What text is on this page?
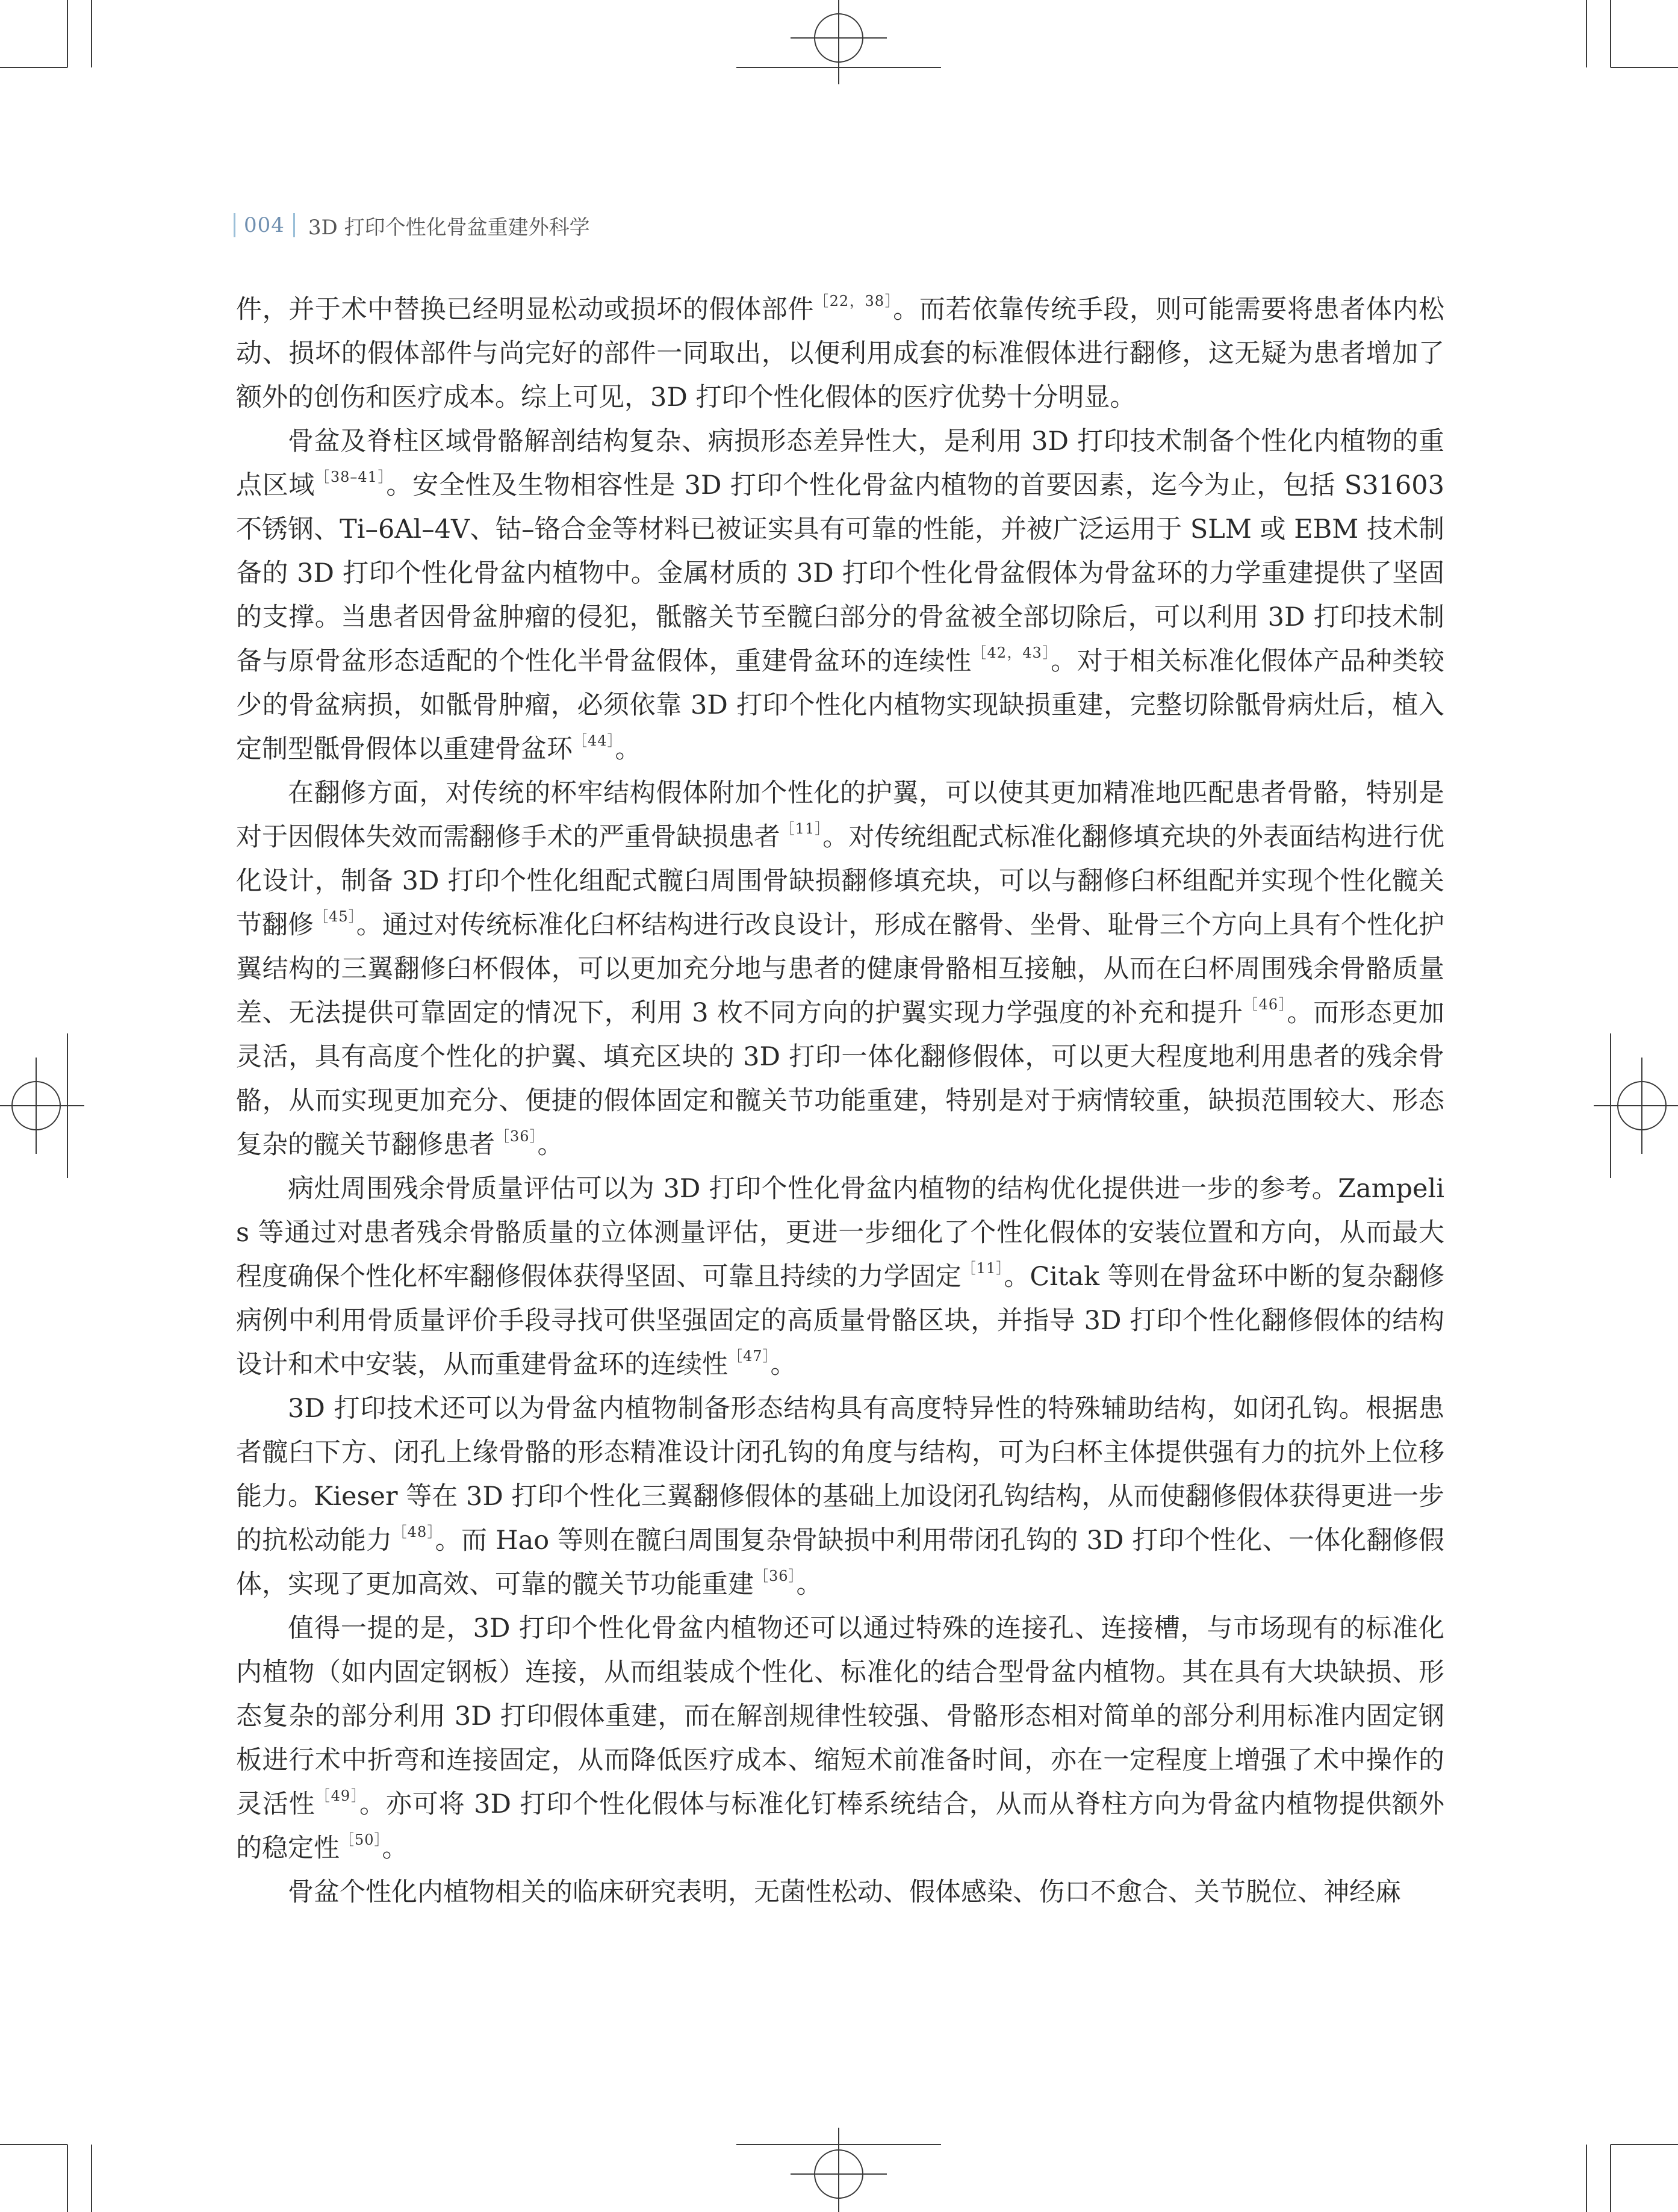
004	3D 打印个性化骨盆重建外科学

件，并于术中替换已经明显松动或损坏的假体部件$^{[22,38]}$。而若依靠传统手段，则可能需要将患者体内松动、损坏的假体部件与尚完好的部件一同取出，以便利用成套的标准假体进行翻修，这无疑为患者增加了额外的创伤和医疗成本。综上可见，3D 打印个性化假体的医疗优势十分明显。

骨盆及脊柱区域骨骼解剖结构复杂、病损形态差异性大，是利用 3D 打印技术制备个性化内植物的重点区域$^{[38-41]}$。安全性及生物相容性是 3D 打印个性化骨盆内植物的首要因素，迄今为止，包括 S31603 不锈钢、Ti–6Al–4V、钴–铬合金等材料已被证实具有可靠的性能，并被广泛运用于 SLM 或 EBM 技术制备的 3D 打印个性化骨盆内植物中。金属材质的 3D 打印个性化骨盆假体为骨盆环的力学重建提供了坚固的支撑。当患者因骨盆肿瘤的侵犯，骶髂关节至髋臼部分的骨盆被全部切除后，可以利用 3D 打印技术制备与原骨盆形态适配的个性化半骨盆假体，重建骨盆环的连续性$^{[42,43]}$。对于相关标准化假体产品种类较少的骨盆病损，如骶骨肿瘤，必须依靠 3D 打印个性化内植物实现缺损重建，完整切除骶骨病灶后，植入定制型骶骨假体以重建骨盆环$^{[44]}$。

在翻修方面，对传统的杯牢结构假体附加个性化的护翼，可以使其更加精准地匹配患者骨骼，特别是对于因假体失效而需翻修手术的严重骨缺损患者$^{[11]}$。对传统组配式标准化翻修填充块的外表面结构进行优化设计，制备 3D 打印个性化组配式髋臼周围骨缺损翻修填充块，可以与翻修臼杯组配并实现个性化髋关节翻修$^{[45]}$。通过对传统标准化臼杯结构进行改良设计，形成在髂骨、坐骨、耻骨三个方向上具有个性化护翼结构的三翼翻修臼杯假体，可以更加充分地与患者的健康骨骼相互接触，从而在臼杯周围残余骨骼质量差、无法提供可靠固定的情况下，利用 3 枚不同方向的护翼实现力学强度的补充和提升$^{[46]}$。而形态更加灵活，具有高度个性化的护翼、填充区块的 3D 打印一体化翻修假体，可以更大程度地利用患者的残余骨骼，从而实现更加充分、便捷的假体固定和髋关节功能重建，特别是对于病情较重，缺损范围较大、形态复杂的髋关节翻修患者$^{[36]}$。

病灶周围残余骨质量评估可以为 3D 打印个性化骨盆内植物的结构优化提供进一步的参考。Zampelis 等通过对患者残余骨骼质量的立体测量评估，更进一步细化了个性化假体的安装位置和方向，从而最大程度确保个性化杯牢翻修假体获得坚固、可靠且持续的力学固定$^{[11]}$。Citak 等则在骨盆环中断的复杂翻修病例中利用骨质量评价手段寻找可供坚强固定的高质量骨骼区块，并指导 3D 打印个性化翻修假体的结构设计和术中安装，从而重建骨盆环的连续性$^{[47]}$。

3D 打印技术还可以为骨盆内植物制备形态结构具有高度特异性的特殊辅助结构，如闭孔钩。根据患者髋臼下方、闭孔上缘骨骼的形态精准设计闭孔钩的角度与结构，可为臼杯主体提供强有力的抗外上位移能力。Kieser 等在 3D 打印个性化三翼翻修假体的基础上加设闭孔钩结构，从而使翻修假体获得更进一步的抗松动能力$^{[48]}$。而 Hao 等则在髋臼周围复杂骨缺损中利用带闭孔钩的 3D 打印个性化、一体化翻修假体，实现了更加高效、可靠的髋关节功能重建$^{[36]}$。

值得一提的是，3D 打印个性化骨盆内植物还可以通过特殊的连接孔、连接槽，与市场现有的标准化内植物（如内固定钢板）连接，从而组装成个性化、标准化的结合型骨盆内植物。其在具有大块缺损、形态复杂的部分利用 3D 打印假体重建，而在解剖规律性较强、骨骼形态相对简单的部分利用标准内固定钢板进行术中折弯和连接固定，从而降低医疗成本、缩短术前准备时间，亦在一定程度上增强了术中操作的灵活性$^{[49]}$。亦可将 3D 打印个性化假体与标准化钉棒系统结合，从而从脊柱方向为骨盆内植物提供额外的稳定性$^{[50]}$。

骨盆个性化内植物相关的临床研究表明，无菌性松动、假体感染、伤口不愈合、关节脱位、神经麻
